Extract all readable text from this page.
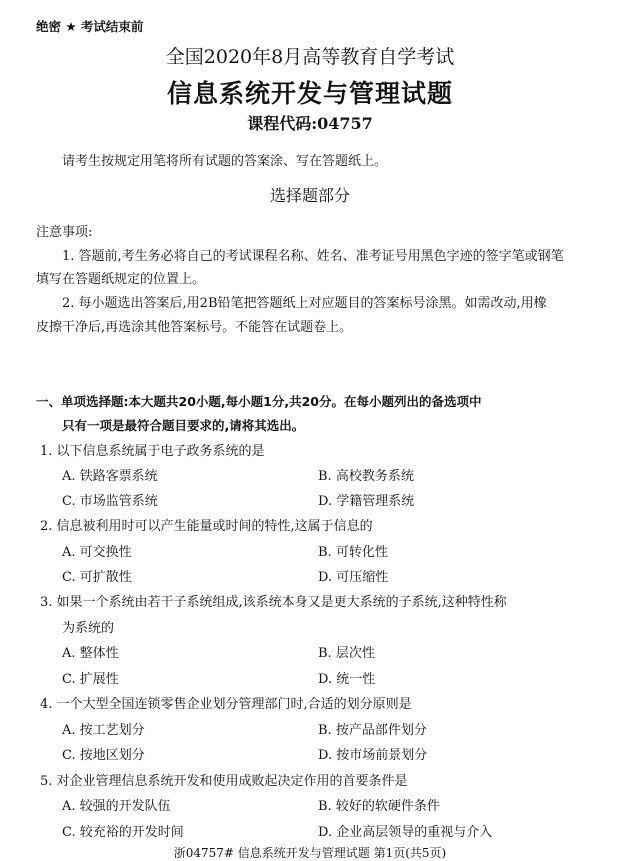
绝密 ★ 考试结束前
全国2020年8月高等教育自学考试
信息系统开发与管理试题
课程代码:04757
请考生按规定用笔将所有试题的答案涂、写在答题纸上。
选择题部分
注意事项:
1. 答题前,考生务必将自己的考试课程名称、姓名、准考证号用黑色字迹的签字笔或钢笔
填写在答题纸规定的位置上。
2. 每小题选出答案后,用2B铅笔把答题纸上对应题目的答案标号涂黑。如需改动,用橡
皮擦干净后,再选涂其他答案标号。不能答在试题卷上。
一、单项选择题:本大题共20小题,每小题1分,共20分。在每小题列出的备选项中
只有一项是最符合题目要求的,请将其选出。
1. 以下信息系统属于电子政务系统的是
A. 铁路客票系统	B. 高校教务系统
C. 市场监管系统	D. 学籍管理系统
2. 信息被利用时可以产生能量或时间的特性,这属于信息的
A. 可交换性	B. 可转化性
C. 可扩散性	D. 可压缩性
3. 如果一个系统由若干子系统组成,该系统本身又是更大系统的子系统,这种特性称
为系统的
A. 整体性	B. 层次性
C. 扩展性	D. 统一性
4. 一个大型全国连锁零售企业划分管理部门时,合适的划分原则是
A. 按工艺划分	B. 按产品部件划分
C. 按地区划分	D. 按市场前景划分
5. 对企业管理信息系统开发和使用成败起决定作用的首要条件是
A. 较强的开发队伍	B. 较好的软硬件条件
C. 较充裕的开发时间	D. 企业高层领导的重视与介入
浙04757# 信息系统开发与管理试题 第1页(共5页)
